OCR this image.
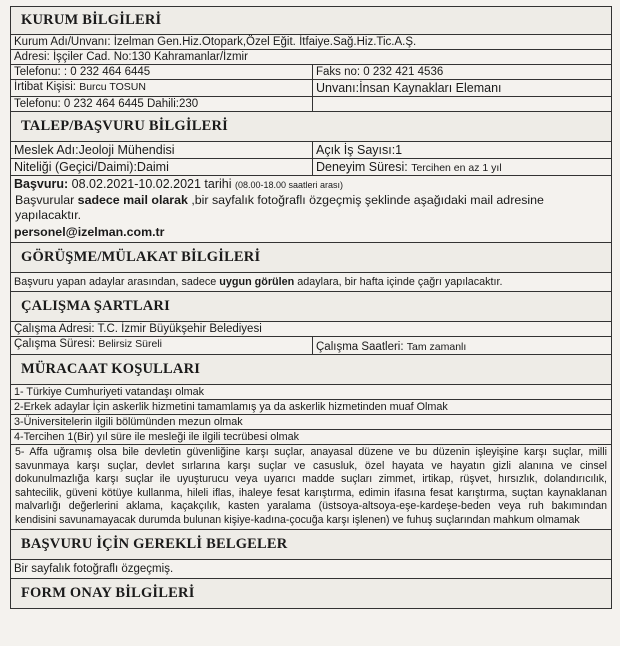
KURUM BİLGİLERİ
Kurum Adı/Unvanı: İzelman Gen.Hiz.Otopark,Özel Eğit. İtfaiye.Sağ.Hiz.Tic.A.Ş.
Adresi: İşçiler Cad. No:130 Kahramanlar/İzmir
Telefonu: : 0 232 464 6445	Faks no: 0 232 421 4536
İrtibat Kişisi: Burcu TOSUN	Unvanı:İnsan Kaynakları Elemanı
Telefonu: 0 232 464 6445 Dahili:230
TALEP/BAŞVURU BİLGİLERİ
Meslek Adı:Jeoloji Mühendisi	Açık İş Sayısı:1
Niteliği (Geçici/Daimi):Daimi	Deneyim Süresi: Tercihen en az 1 yıl
Başvuru: 08.02.2021-10.02.2021 tarihi (08.00-18.00 saatleri arası)
Başvurular sadece mail olarak ,bir sayfalık fotoğraflı özgeçmiş şeklinde aşağıdaki mail adresine yapılacaktır.
personel@izelman.com.tr
GÖRÜŞME/MÜLAKAT BİLGİLERİ
Başvuru yapan adaylar arasından, sadece uygun görülen adaylara, bir hafta içinde çağrı yapılacaktır.
ÇALIŞMA ŞARTLARI
Çalışma Adresi: T.C. İzmir Büyükşehir Belediyesi
Çalışma Süresi: Belirsiz Süreli	Çalışma Saatleri: Tam zamanlı
MÜRACAAT KOŞULLARI
1- Türkiye Cumhuriyeti vatandaşı olmak
2-Erkek adaylar İçin askerlik hizmetini tamamlamış ya da askerlik hizmetinden muaf Olmak
3-Üniversitelerin ilgili bölümünden mezun olmak
4-Tercihen 1(Bir) yıl süre ile mesleği ile ilgili tecrübesi olmak
5- Affa uğramış olsa bile devletin güvenliğine karşı suçlar, anayasal düzene ve bu düzenin işleyişine karşı suçlar, milli savunmaya karşı suçlar, devlet sırlarına karşı suçlar ve casusluk, özel hayata ve hayatın gizli alanına ve cinsel dokunulmazlığa karşı suçlar ile uyuşturucu veya uyarıcı madde suçları zimmet, irtikap, rüşvet, hırsızlık, dolandırıcılık, sahtecilik, güveni kötüye kullanma, hileli iflas, ihaleye fesat karıştırma, edimin ifasına fesat karıştırma, suçtan kaynaklanan malvarlığı değerlerini aklama, kaçakçılık, kasten yaralama (üstsoya-altsoya-eşe-kardeşe-beden veya ruh bakımından kendisini savunamayacak durumda bulunan kişiye-kadına-çocuğa karşı işlenen) ve fuhuş suçlarından mahkum olmamak
BAŞVURU İÇİN GEREKLİ BELGELER
Bir sayfalık fotoğraflı özgeçmiş.
FORM ONAY BİLGİLERİ
